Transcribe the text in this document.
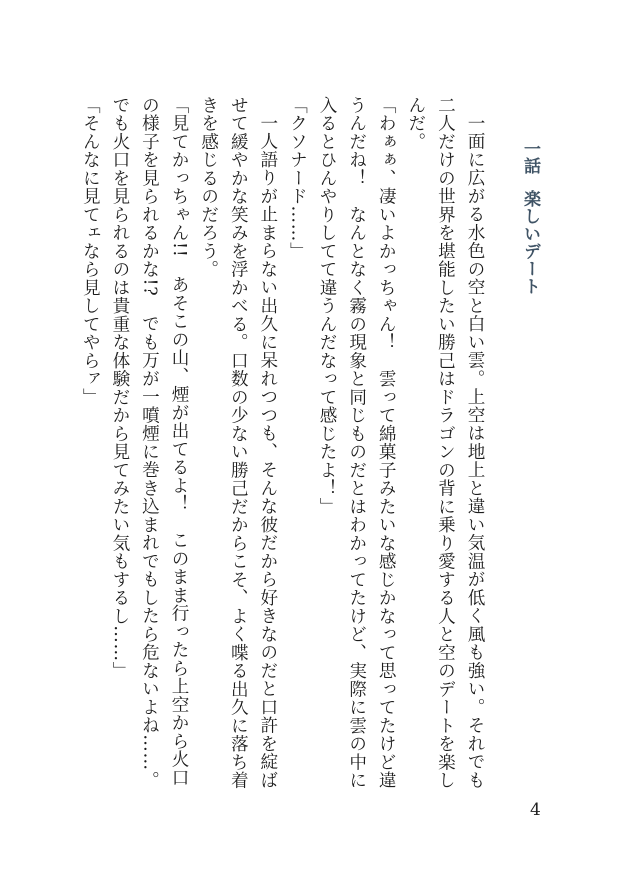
一話楽しいデート

一面に広がる水色の空と白い雲。上空は地上と違い気温が低く風も強い。それでも二人だけの世界を堪能したい勝己はドラゴンの背に乗り愛する人と空のデートを楽しんだ。

「わぁぁ、凄いよかっちゃん！　雲って綿菓子みたいな感じかなって思ってたけど違うんだね！　なんとなく霧の現象と同じものだとはわかってたけど、実際に雲の中に入るとひんやりしてて違うんだなって感じたよ！」

「クソナード……」

一人語りが止まらない出久に呆れつつも、そんな彼だから好きなのだと口許を綻ばせて緩やかな笑みを浮かべる。口数の少ない勝己だからこそ、よく喋る出久に落ち着きを感じるのだろう。

「見てかっちゃん!!　あそこの山、煙が出てるよ！　このまま行ったら上空から火口の様子を見られるかな!?　でも万が一噴煙に巻き込まれでもしたら危ないよね……。でも火口を見られるのは貴重な体験だから見てみたい気もするし……」

「そんなに見てェなら見してやらァ」

4
